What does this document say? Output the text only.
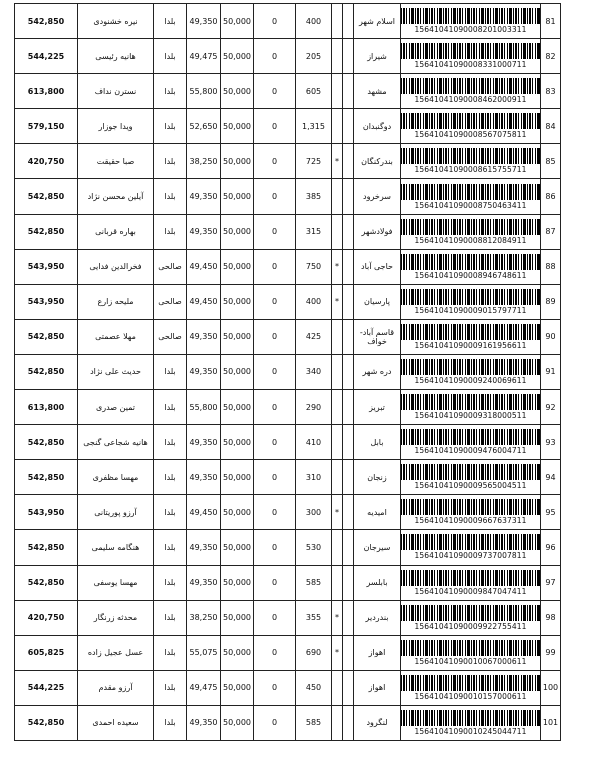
542,850	نيره خشنودی	بلدا	49,350	50,000	0	400			اسلام شهر	15641041090008201003311	81
544,225	هانيه رئيسى	بلدا	49,475	50,000	0	205			شیراز	15641041090008331000711	82
613,800	نسترن نداف	بلدا	55,800	50,000	0	605			مشهد	15641041090008462000911	83
579,150	ويدا جوزار	بلدا	52,650	50,000	0	1,315			دوگنبدان	15641041090008567075811	84
420,750	صبا حقیقت	بلدا	38,250	50,000	0	725	*		بندرکنگان	15641041090008615755711	85
542,850	آیلین محسن نژاد	بلدا	49,350	50,000	0	385			سرخرود	15641041090008750463411	86
542,850	بهاره قربانی	بلدا	49,350	50,000	0	315			فولادشهر	15641041090008812084911	87
543,950	فخرالدين فدایی	صالحی	49,450	50,000	0	750	*		حاجی آباد	15641041090008946748611	88
543,950	مليحه زارع	صالحی	49,450	50,000	0	400	*		پارسیان	15641041090009015797711	89
542,850	مهلا عصمتی	صالحی	49,350	50,000	0	425			قاسم آباد- خواف	15641041090009161956611	90
542,850	حديث علی نژاد	بلدا	49,350	50,000	0	340			دره شهر	15641041090009240069611	91
613,800	تمین صدری	بلدا	55,800	50,000	0	290			تبریز	15641041090009318000511	92
542,850	هانيه شجاعی گنجی	بلدا	49,350	50,000	0	410			بابل	15641041090009476004711	93
542,850	مهسا مظفری	بلدا	49,350	50,000	0	310			زنجان	15641041090009565004511	94
543,950	آرزو پوریتانی	بلدا	49,450	50,000	0	300	*		امیدیه	15641041090009667637311	95
542,850	هنگامه سليمی	بلدا	49,350	50,000	0	530			سیرجان	15641041090009737007811	96
542,850	مهسا یوسفی	بلدا	49,350	50,000	0	585			بابلسر	15641041090009847047411	97
420,750	محدثه زرنگار	بلدا	38,250	50,000	0	355	*		بندردیر	15641041090009922755411	98
605,825	عسل عجيل زاده	بلدا	55,075	50,000	0	690	*		اهواز	15641041090010067000611	99
544,225	آرزو مقدم	بلدا	49,475	50,000	0	450			اهواز	15641041090010157000611	100
542,850	سعیده احمدی	بلدا	49,350	50,000	0	585			لنگرود	15641041090010245044711	101
